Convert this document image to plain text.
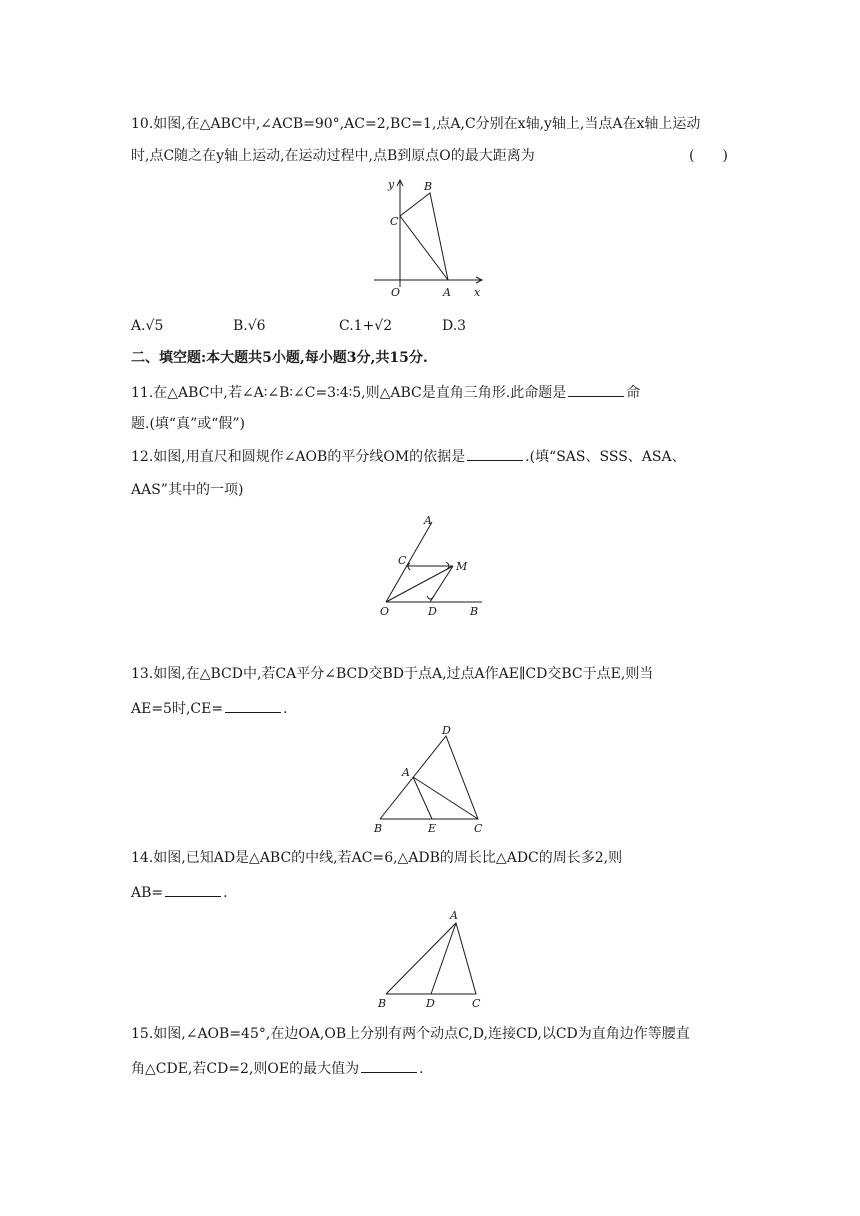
10.如图,在△ABC中,∠ACB=90°,AC=2,BC=1,点A,C分别在x轴,y轴上,当点A在x轴上运动
时,点C随之在y轴上运动,在运动过程中,点B到原点O的最大距离为	(　　)
y
x
B
C
O	A
A.√5	B.√6	C.1+√2	D.3
二、填空题:本大题共5小题,每小题3分,共15分.
11.在△ABC中,若∠A∶∠B∶∠C=3∶4∶5,则△ABC是直角三角形.此命题是	命
题.(填“真”或“假”)
12.如图,用直尺和圆规作∠AOB的平分线OM的依据是	.(填“SAS、SSS、ASA、
AAS”其中的一项)
A
C	M
O	D	B
13.如图,在△BCD中,若CA平分∠BCD交BD于点A,过点A作AE∥CD交BC于点E,则当
AE=5时,CE=	.
D
A
B	E	C
14.如图,已知AD是△ABC的中线,若AC=6,△ADB的周长比△ADC的周长多2,则
AB=	.
A
B	D	C
15.如图,∠AOB=45°,在边OA,OB上分别有两个动点C,D,连接CD,以CD为直角边作等腰直
角△CDE,若CD=2,则OE的最大值为	.
